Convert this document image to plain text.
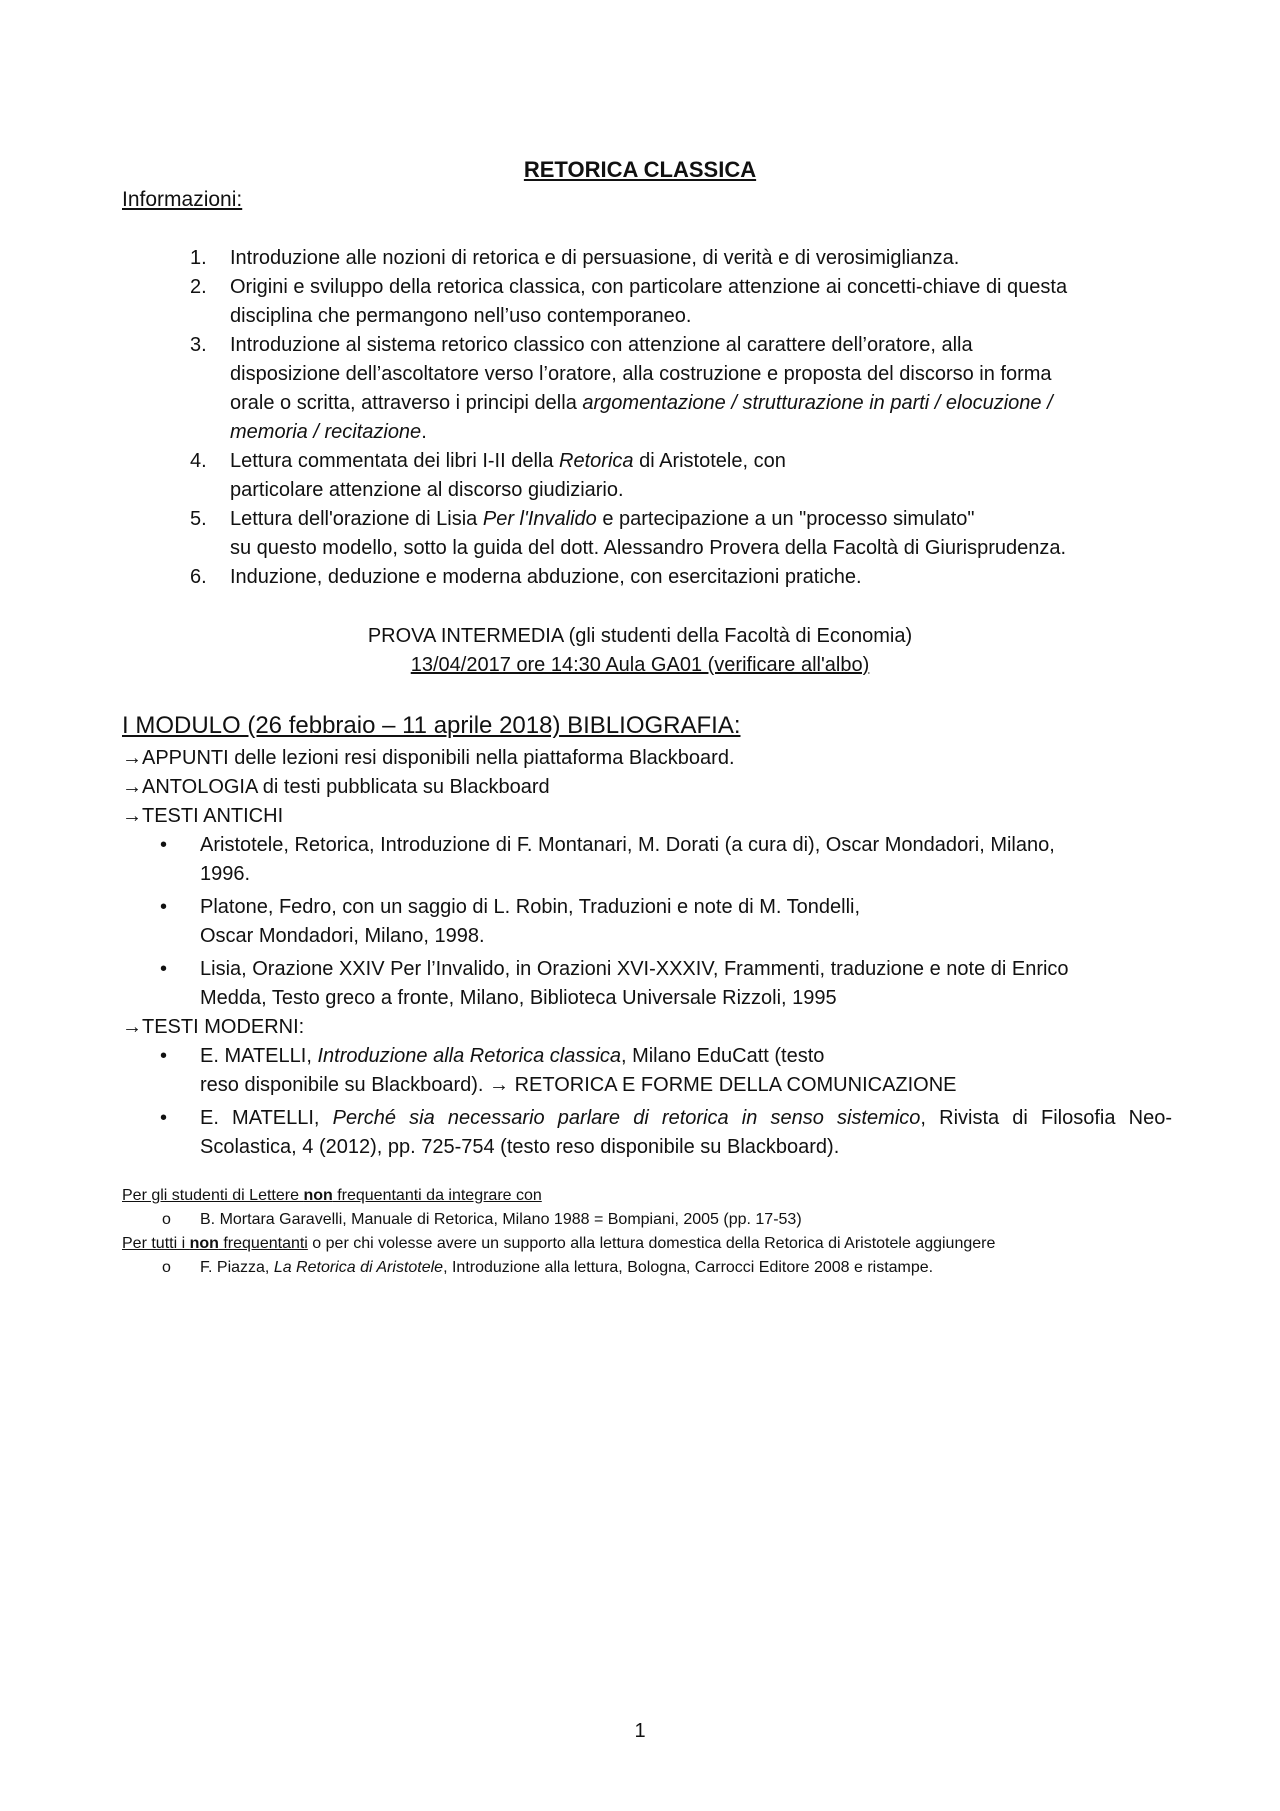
RETORICA CLASSICA
Informazioni:
1. Introduzione alle nozioni di retorica e di persuasione, di verità e di verosimiglianza.
2. Origini e sviluppo della retorica classica, con particolare attenzione ai concetti-chiave di questa
disciplina che permangono nell’uso contemporaneo.
3. Introduzione al sistema retorico classico con attenzione al carattere dell’oratore, alla
disposizione dell’ascoltatore verso l’oratore, alla costruzione e proposta del discorso in forma
orale o scritta, attraverso i principi della argomentazione / strutturazione in parti / elocuzione /
memoria / recitazione.
4. Lettura commentata dei libri I-II della Retorica di Aristotele, con
particolare attenzione al discorso giudiziario.
5. Lettura dell'orazione di Lisia Per l'Invalido e partecipazione a un "processo simulato"
su questo modello, sotto la guida del dott. Alessandro Provera della Facoltà di Giurisprudenza.
6. Induzione, deduzione e moderna abduzione, con esercitazioni pratiche.
PROVA INTERMEDIA (gli studenti della Facoltà di Economia)
13/04/2017 ore 14:30 Aula GA01 (verificare all'albo)
I MODULO (26 febbraio – 11 aprile 2018) BIBLIOGRAFIA:
→APPUNTI delle lezioni resi disponibili nella piattaforma Blackboard.
→ANTOLOGIA di testi pubblicata su Blackboard
→TESTI ANTICHI
• Aristotele, Retorica, Introduzione di F. Montanari, M. Dorati (a cura di), Oscar Mondadori, Milano,
1996.
• Platone, Fedro, con un saggio di L. Robin, Traduzioni e note di M. Tondelli,
Oscar Mondadori, Milano, 1998.
• Lisia, Orazione XXIV Per l’Invalido, in Orazioni XVI-XXXIV, Frammenti, traduzione e note di Enrico
Medda, Testo greco a fronte, Milano, Biblioteca Universale Rizzoli, 1995
→TESTI MODERNI:
• E. MATELLI, Introduzione alla Retorica classica, Milano EduCatt (testo
reso disponibile su Blackboard). → RETORICA E FORME DELLA COMUNICAZIONE
• E. MATELLI, Perché sia necessario parlare di retorica in senso sistemico, Rivista di Filosofia Neo-
Scolastica, 4 (2012), pp. 725-754 (testo reso disponibile su Blackboard).
Per gli studenti di Lettere non frequentanti da integrare con
o B. Mortara Garavelli, Manuale di Retorica, Milano 1988 = Bompiani, 2005 (pp. 17-53)
Per tutti i non frequentanti o per chi volesse avere un supporto alla lettura domestica della Retorica di Aristotele aggiungere
o F. Piazza, La Retorica di Aristotele, Introduzione alla lettura, Bologna, Carrocci Editore 2008 e ristampe.
1
